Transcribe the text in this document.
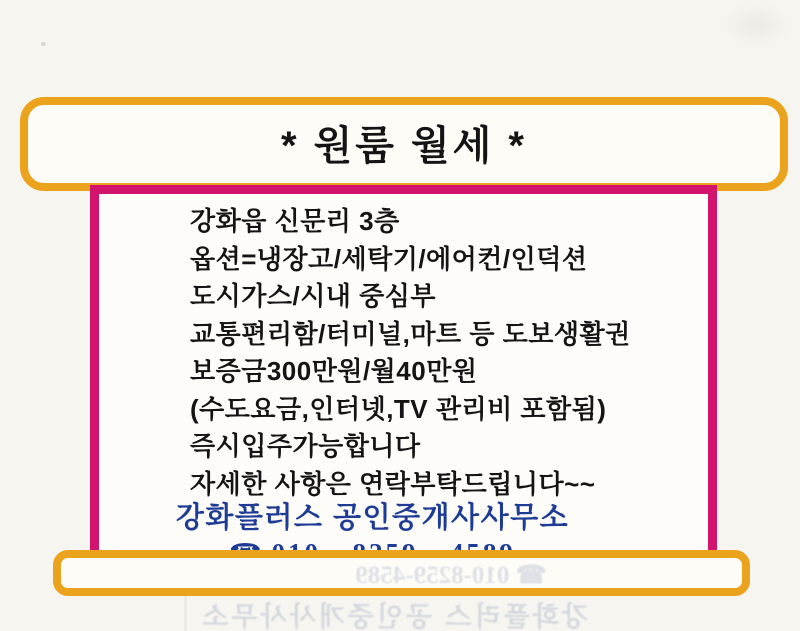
* 원룸 월세 *
강화읍 신문리 3층
옵션=냉장고/세탁기/에어컨/인덕션
도시가스/시내 중심부
교통편리함/터미널,마트 등 도보생활권
보증금300만원/월40만원
(수도요금,인터넷,TV 관리비 포함됨)
즉시입주가능합니다
자세한 사항은 연락부탁드립니다~~
강화플러스 공인중개사사무소
☎ 010-8259-4589
강화플러스 공인중개사사무소
